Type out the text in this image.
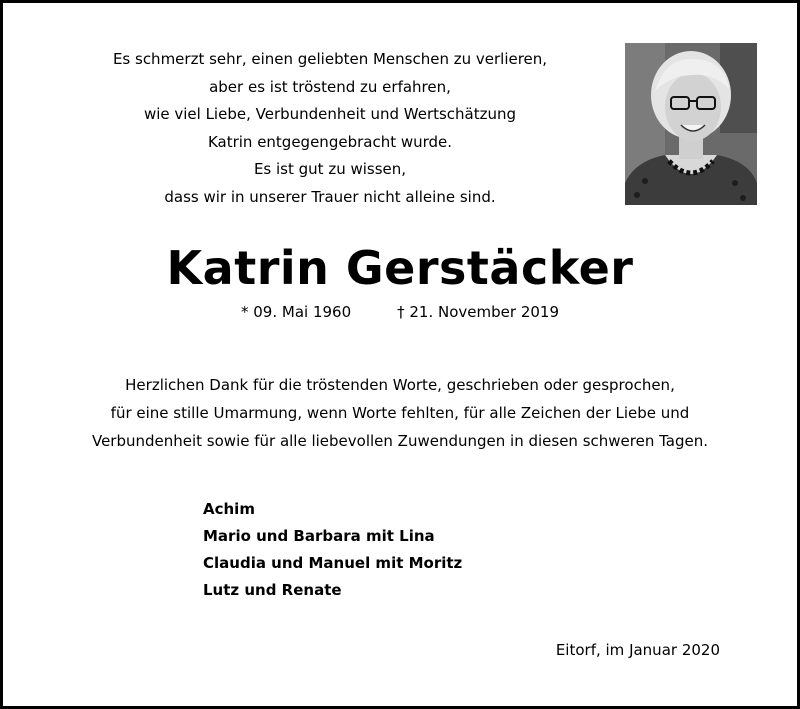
Es schmerzt sehr, einen geliebten Menschen zu verlieren,
aber es ist tröstend zu erfahren,
wie viel Liebe, Verbundenheit und Wertschätzung
Katrin entgegengebracht wurde.
Es ist gut zu wissen,
dass wir in unserer Trauer nicht alleine sind.
Katrin Gerstäcker
* 09. Mai 1960	† 21. November 2019
Herzlichen Dank für die tröstenden Worte, geschrieben oder gesprochen,
für eine stille Umarmung, wenn Worte fehlten, für alle Zeichen der Liebe und
Verbundenheit sowie für alle liebevollen Zuwendungen in diesen schweren Tagen.
Achim
Mario und Barbara mit Lina
Claudia und Manuel mit Moritz
Lutz und Renate
Eitorf, im Januar 2020
